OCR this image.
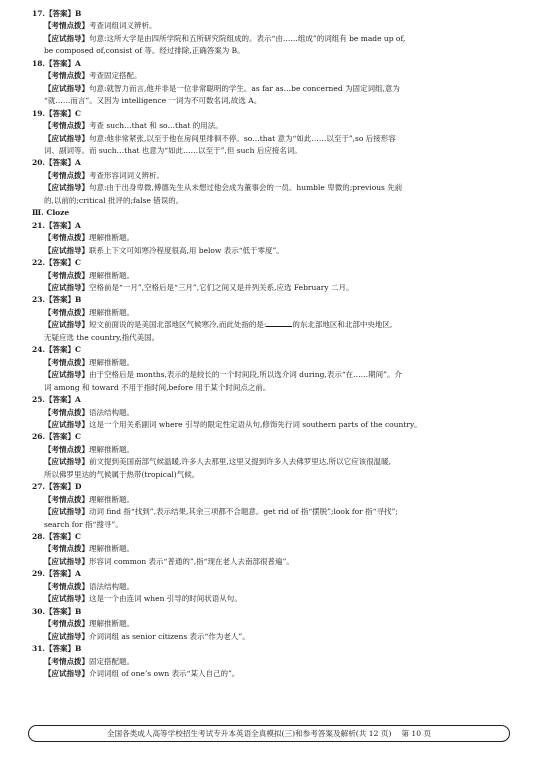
17.【答案】B
【考情点拨】考查词组词义辨析。
【应试指导】句意:这所大学是由四所学院和五所研究院组成的。表示“由……组成”的词组有 be made up of,
be composed of,consist of 等。经过排除,正确答案为 B。
18.【答案】A
【考情点拨】考查固定搭配。
【应试指导】句意:就智力而言,他并非是一位非常聪明的学生。as far as…be concerned 为固定词组,意为
“就……而言”。又因为 intelligence 一词为不可数名词,故选 A。
19.【答案】C
【考情点拨】考查 such…that 和 so…that 的用法。
【应试指导】句意:他非常紧张,以至于他在房间里徘徊不停。so…that 意为“如此……以至于”,so 后接形容
词、副词等。而 such…that 也意为“如此……以至于”,但 such 后应接名词。
20.【答案】A
【考情点拨】考查形容词词义辨析。
【应试指导】句意:由于出身卑微,傅德先生从未想过他会成为董事会的一员。humble 卑微的;previous 先前
的,以前的;critical 批评的;false 错误的。
Ⅲ. Cloze
21.【答案】A
【考情点拨】理解推断题。
【应试指导】联系上下文可知寒冷程度很高,用 below 表示“低于零度”。
22.【答案】C
【考情点拨】理解推断题。
【应试指导】空格前是“一月”,空格后是“三月”,它们之间又是并列关系,应选 February 二月。
23.【答案】B
【考情点拨】理解推断题。
【应试指导】短文前面说的是美国北部地区气候寒冷,而此处指的是:	的东北部地区和北部中央地区,
无疑应选 the country,指代美国。
24.【答案】C
【考情点拨】理解推断题。
【应试指导】由于空格后是 months,表示的是较长的一个时间段,所以选介词 during,表示“在……期间”。介
词 among 和 toward 不用于指时间,before 用于某个时间点之前。
25.【答案】A
【考情点拨】语法结构题。
【应试指导】这是一个用关系副词 where 引导的限定性定语从句,修饰先行词 southern parts of the country。
26.【答案】C
【考情点拨】理解推断题。
【应试指导】前文提到美国南部气候温暖,许多人去那里,这里又提到许多人去佛罗里达,所以它应该很温暖,
所以佛罗里达的气候属于热带(tropical)气候。
27.【答案】D
【考情点拨】理解推断题。
【应试指导】动词 find 指“找到”,表示结果,其余三项都不合题意。get rid of 指“摆脱”;look for 指“寻找”;
search for 指“搜寻”。
28.【答案】C
【考情点拨】理解推断题。
【应试指导】形容词 common 表示“普通的”,指“现在老人去南部很普遍”。
29.【答案】A
【考情点拨】语法结构题。
【应试指导】这是一个由连词 when 引导的时间状语从句。
30.【答案】B
【考情点拨】理解推断题。
【应试指导】介词词组 as senior citizens 表示“作为老人”。
31.【答案】B
【考情点拨】固定搭配题。
【应试指导】介词词组 of one’s own 表示“某人自己的”。
全国各类成人高等学校招生考试专升本英语全真模拟(三)和参考答案及解析(共 12 页) 第 10 页
